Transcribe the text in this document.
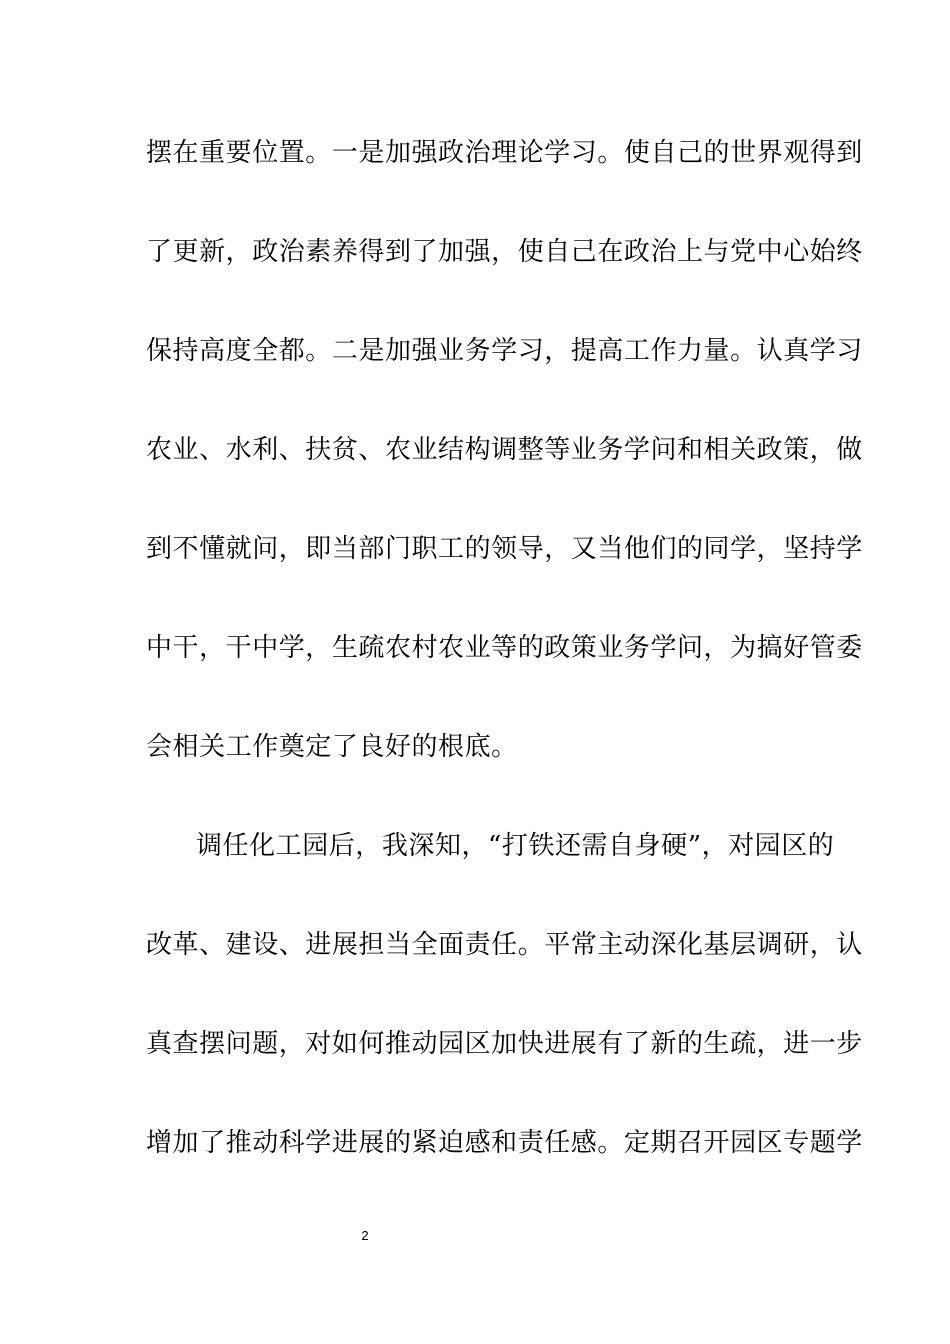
摆在重要位置。一是加强政治理论学习。使自己的世界观得到
了更新，政治素养得到了加强，使自己在政治上与党中心始终
保持高度全都。二是加强业务学习，提高工作力量。认真学习
农业、水利、扶贫、农业结构调整等业务学问和相关政策，做
到不懂就问，即当部门职工的领导，又当他们的同学，坚持学
中干，干中学，生疏农村农业等的政策业务学问，为搞好管委
会相关工作奠定了良好的根底。
调任化工园后，我深知，“打铁还需自身硬”，对园区的
改革、建设、进展担当全面责任。平常主动深化基层调研，认
真查摆问题，对如何推动园区加快进展有了新的生疏，进一步
增加了推动科学进展的紧迫感和责任感。定期召开园区专题学
2
